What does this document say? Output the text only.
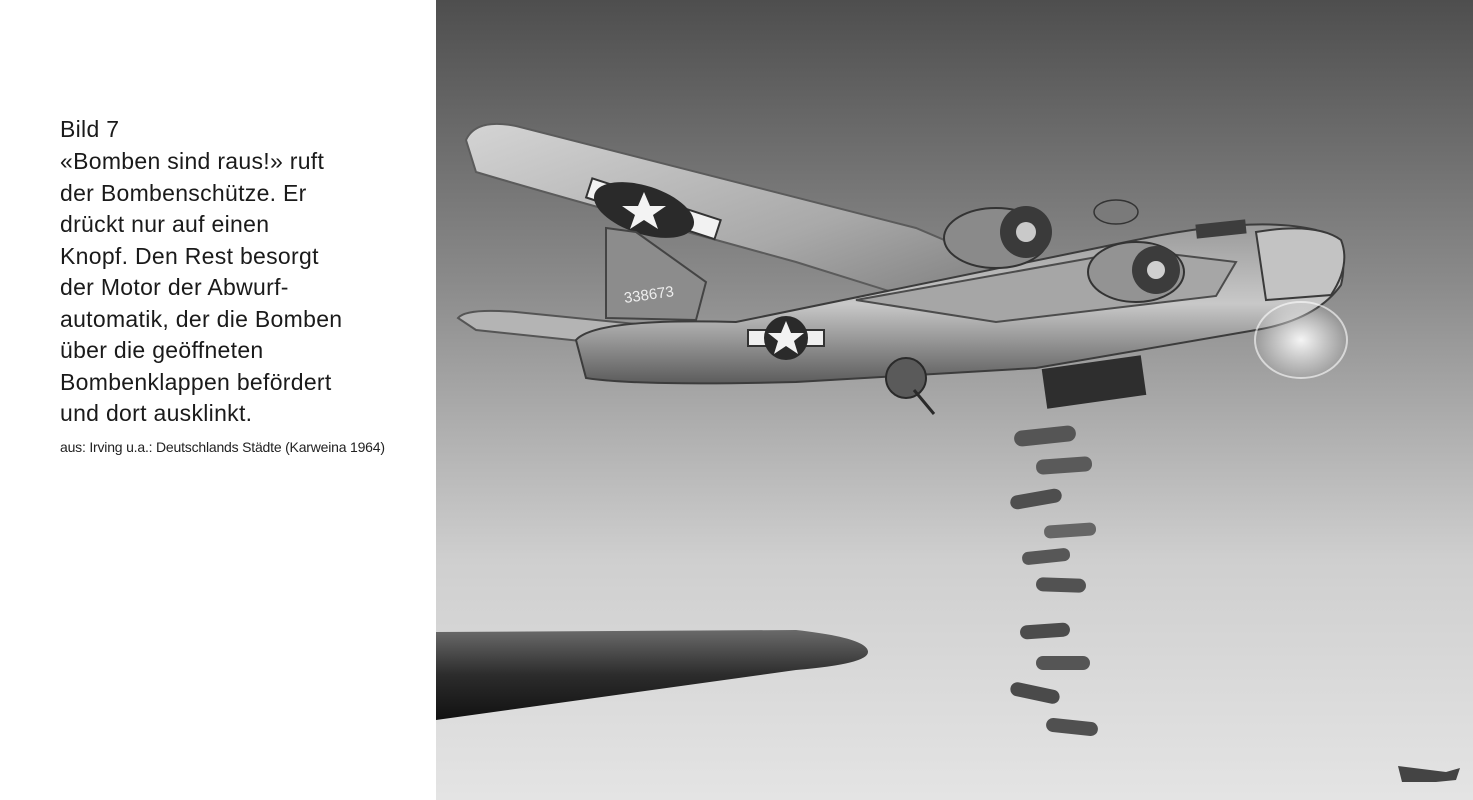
Bild 7
«Bomben sind raus!» ruft
der Bombenschütze. Er
drückt nur auf einen
Knopf. Den Rest besorgt
der Motor der Abwurf-
automatik, der die Bomben
über die geöffneten
Bombenklappen befördert
und dort ausklinkt.
aus: Irving u.a.: Deutschlands Städte (Karweina 1964)
338673
